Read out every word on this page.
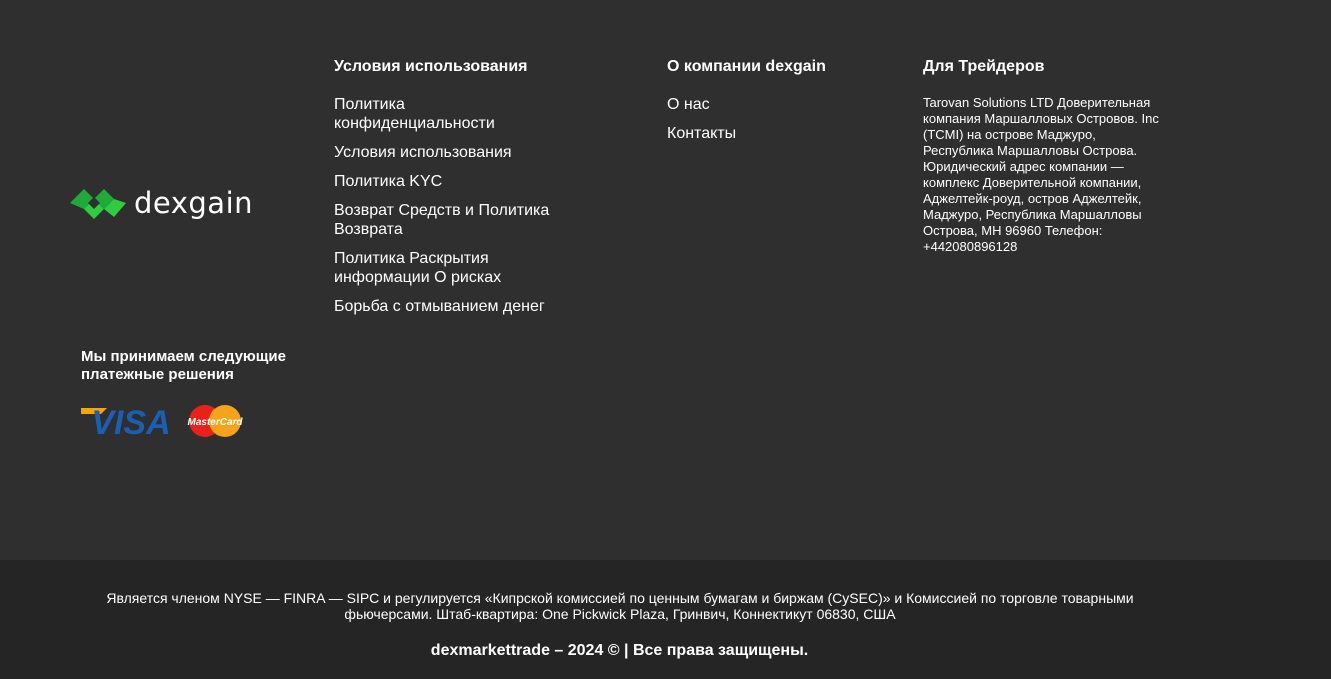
dexgain
Условия использования
Политика конфиденциальности
Условия использования
Политика KYC
Возврат Средств и Политика Возврата
Политика Раскрытия информации О рисках
Борьба с отмыванием денег
О компании dexgain
О нас
Контакты
Для Трейдеров
Tarovan Solutions LTD Доверительная компания Маршалловых Островов. Inc (TCMI) на острове Маджуро, Республика Маршалловы Острова. Юридический адрес компании — комплекс Доверительной компании, Аджелтейк-роуд, остров Аджелтейк, Маджуро, Республика Маршалловы Острова, MH 96960 Телефон: +442080896128
Мы принимаем следующие платежные решения
VISA MasterCard
Является членом NYSE — FINRA — SIPC и регулируется «Кипрской комиссией по ценным бумагам и биржам (CySEC)» и Комиссией по торговле товарными фьючерсами. Штаб-квартира: One Pickwick Plaza, Гринвич, Коннектикут 06830, США
dexmarkettrade – 2024 © | Все права защищены.
